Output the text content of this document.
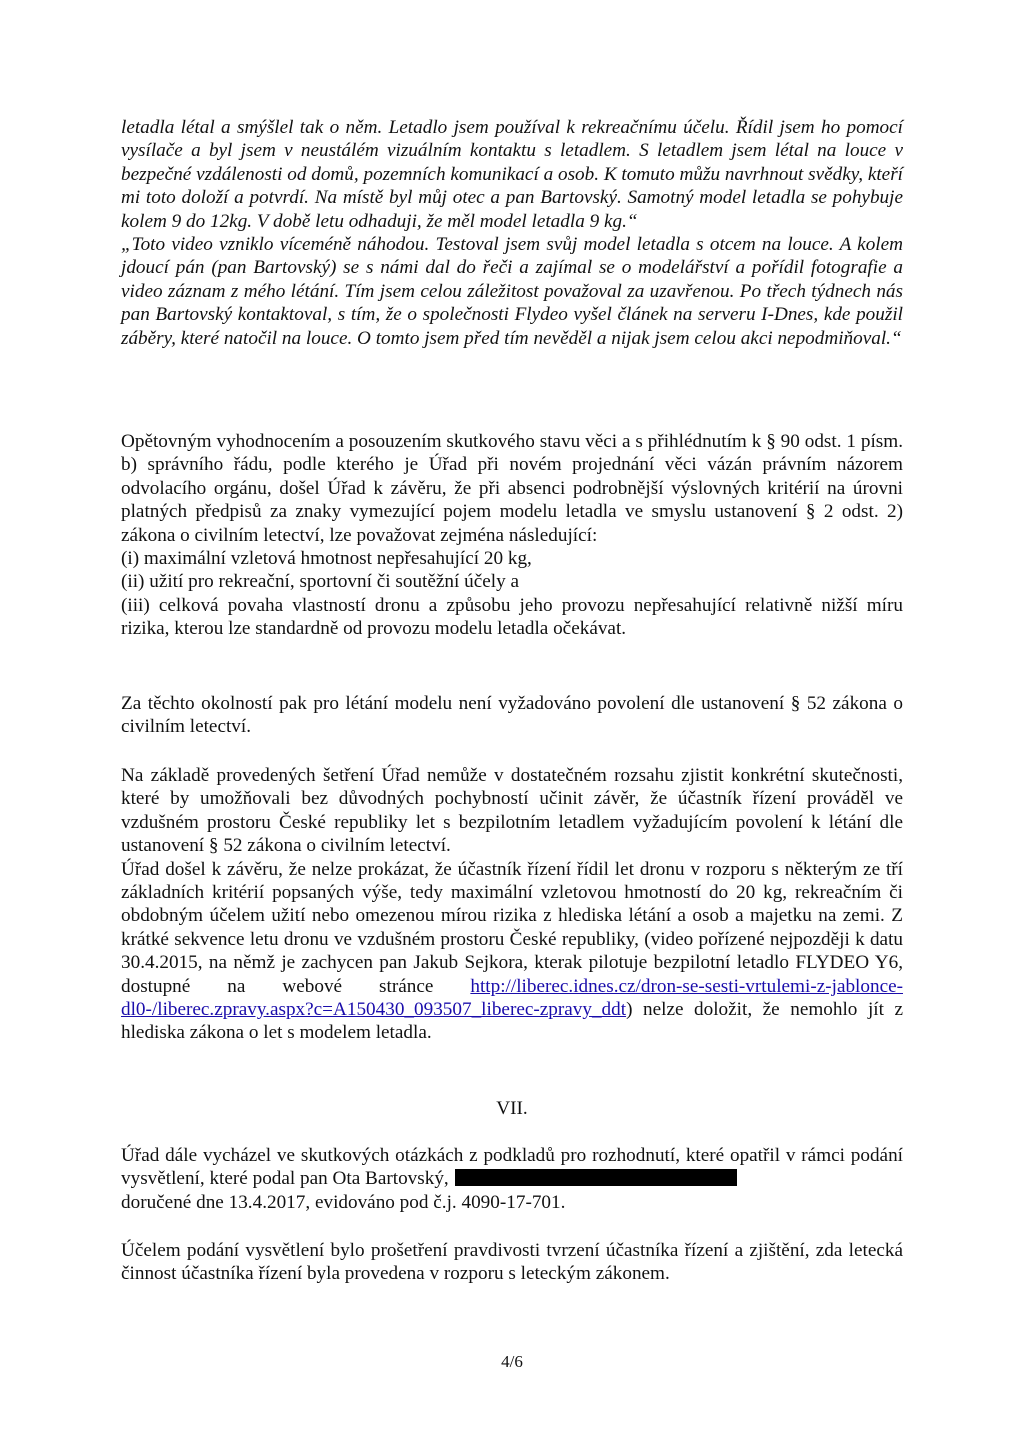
letadla létal a smýšlel tak o něm. Letadlo jsem používal k rekreačnímu účelu. Řídil jsem ho pomocí vysílače a byl jsem v neustálém vizuálním kontaktu s letadlem. S letadlem jsem létal na louce v bezpečné vzdálenosti od domů, pozemních komunikací a osob. K tomuto můžu navrhnout svědky, kteří mi toto doloží a potvrdí. Na místě byl můj otec a pan Bartovský. Samotný model letadla se pohybuje kolem 9 do 12kg. V době letu odhaduji, že měl model letadla 9 kg.“

„Toto video vzniklo víceméně náhodou. Testoval jsem svůj model letadla s otcem na louce. A kolem jdoucí pán (pan Bartovský) se s námi dal do řeči a zajímal se o modelářství a pořídil fotografie a video záznam z mého létání. Tím jsem celou záležitost považoval za uzavřenou. Po třech týdnech nás pan Bartovský kontaktoval, s tím, že o společnosti Flydeo vyšel článek na serveru I-Dnes, kde použil záběry, které natočil na louce. O tomto jsem před tím nevěděl a nijak jsem celou akci nepodmiňoval.“

Opětovným vyhodnocením a posouzením skutkového stavu věci a s přihlédnutím k § 90 odst. 1 písm. b) správního řádu, podle kterého je Úřad při novém projednání věci vázán právním názorem odvolacího orgánu, došel Úřad k závěru, že při absenci podrobnější výslovných kritérií na úrovni platných předpisů za znaky vymezující pojem modelu letadla ve smyslu ustanovení § 2 odst. 2) zákona o civilním letectví, lze považovat zejména následující:

(i) maximální vzletová hmotnost nepřesahující 20 kg,

(ii) užití pro rekreační, sportovní či soutěžní účely a

(iii) celková povaha vlastností dronu a způsobu jeho provozu nepřesahující relativně nižší míru rizika, kterou lze standardně od provozu modelu letadla očekávat.

Za těchto okolností pak pro létání modelu není vyžadováno povolení dle ustanovení § 52 zákona o civilním letectví.

Na základě provedených šetření Úřad nemůže v dostatečném rozsahu zjistit konkrétní skutečnosti, které by umožňovali bez důvodných pochybností učinit závěr, že účastník řízení prováděl ve vzdušném prostoru České republiky let s bezpilotním letadlem vyžadujícím povolení k létání dle ustanovení § 52 zákona o civilním letectví.

Úřad došel k závěru, že nelze prokázat, že účastník řízení řídil let dronu v rozporu s některým ze tří základních kritérií popsaných výše, tedy maximální vzletovou hmotností do 20 kg, rekreačním či obdobným účelem užití nebo omezenou mírou rizika z hlediska létání a osob a majetku na zemi. Z krátké sekvence letu dronu ve vzdušném prostoru České republiky, (video pořízené nejpozději k datu 30.4.2015, na němž je zachycen pan Jakub Sejkora, kterak pilotuje bezpilotní letadlo FLYDEO Y6, dostupné na webové stránce http://liberec.idnes.cz/dron-se-sesti-vrtulemi-z-jablonce-dl0-/liberec.zpravy.aspx?c=A150430_093507_liberec-zpravy_ddt) nelze doložit, že nemohlo jít z hlediska zákona o let s modelem letadla.

VII.

Úřad dále vycházel ve skutkových otázkách z podkladů pro rozhodnutí, které opatřil v rámci podání vysvětlení, které podal pan Ota Bartovský,
doručené dne 13.4.2017, evidováno pod č.j. 4090-17-701.

Účelem podání vysvětlení bylo prošetření pravdivosti tvrzení účastníka řízení a zjištění, zda letecká činnost účastníka řízení byla provedena v rozporu s leteckým zákonem.

4/6
